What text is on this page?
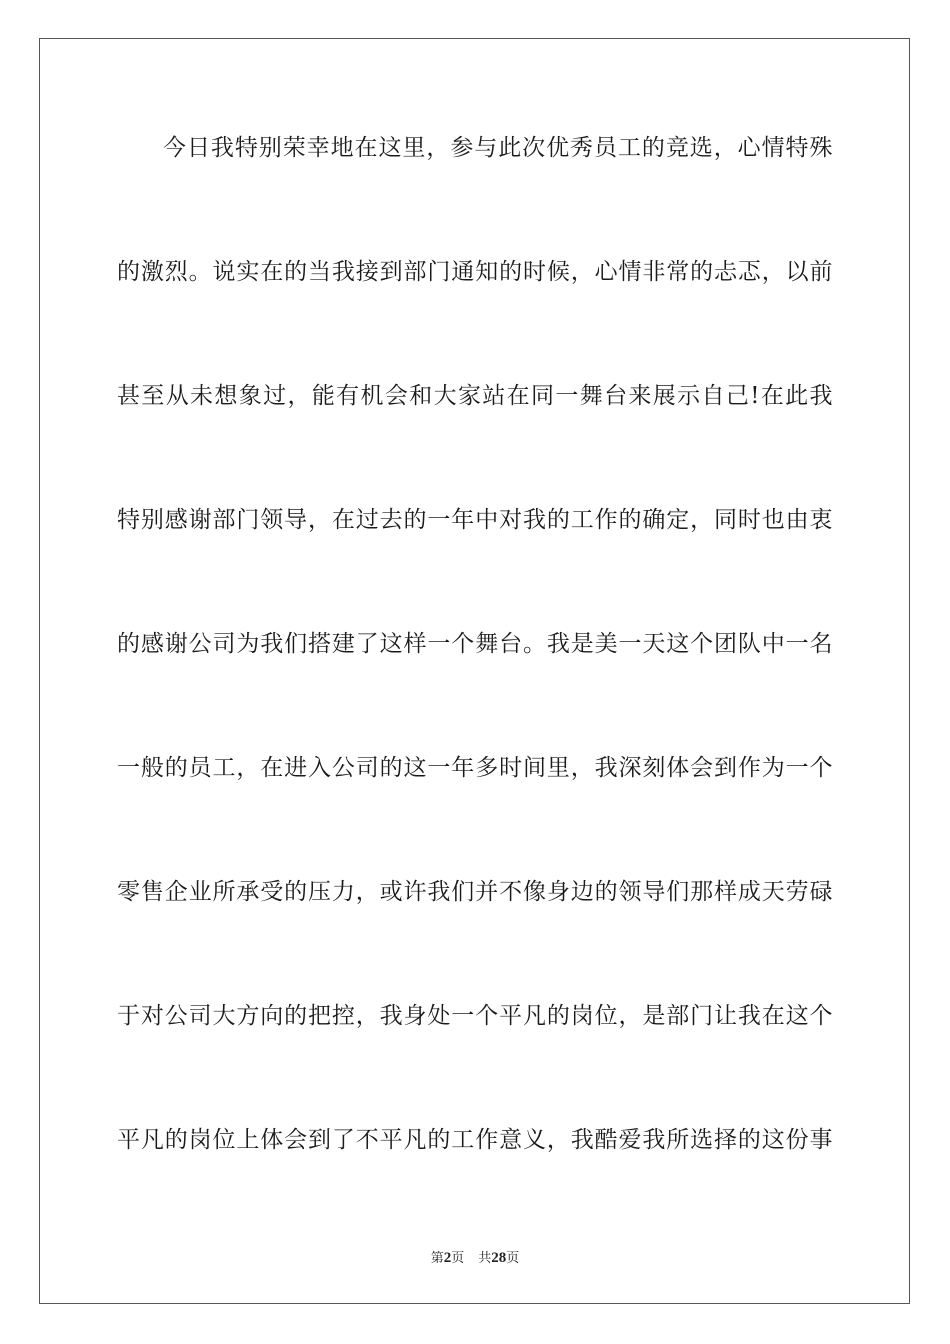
今日我特别荣幸地在这里，参与此次优秀员工的竞选，心情特殊
的激烈。说实在的当我接到部门通知的时候，心情非常的忐忑，以前
甚至从未想象过，能有机会和大家站在同一舞台来展示自己!在此我
特别感谢部门领导，在过去的一年中对我的工作的确定，同时也由衷
的感谢公司为我们搭建了这样一个舞台。我是美一天这个团队中一名
一般的员工，在进入公司的这一年多时间里，我深刻体会到作为一个
零售企业所承受的压力，或许我们并不像身边的领导们那样成天劳碌
于对公司大方向的把控，我身处一个平凡的岗位，是部门让我在这个
平凡的岗位上体会到了不平凡的工作意义，我酷爱我所选择的这份事
第2页 共28页
